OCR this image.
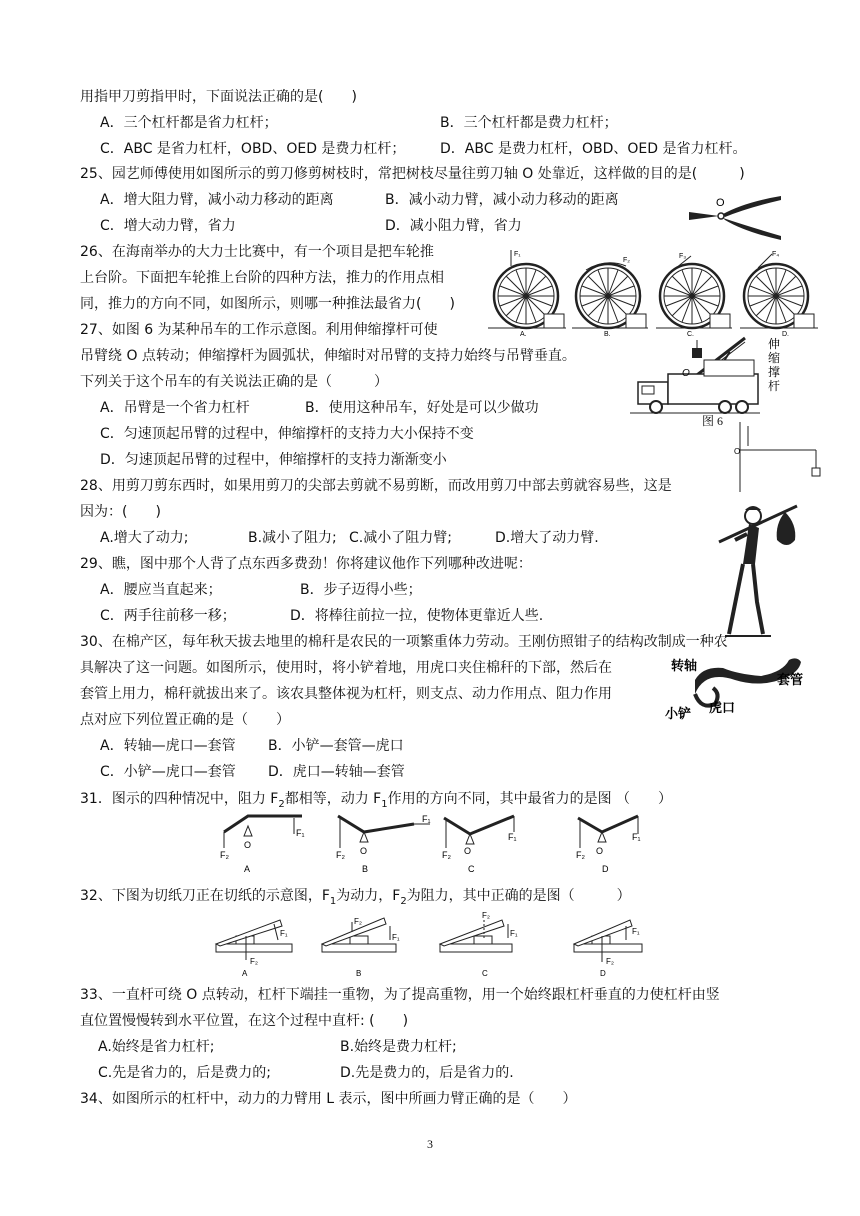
用指甲刀剪指甲时，下面说法正确的是(　　)
A．三个杠杆都是省力杠杆；	B．三个杠杆都是费力杠杆；
C．ABC 是省力杠杆，OBD、OED 是费力杠杆； D．ABC 是费力杠杆，OBD、OED 是省力杠杆。
25、园艺师傅使用如图所示的剪刀修剪树枝时，常把树枝尽量往剪刀轴 O 处靠近，这样做的目的是(　　　)
A．增大阻力臂，减小动力移动的距离	B．减小动力臂，减小动力移动的距离
C．增大动力臂，省力	D．减小阻力臂，省力
O
26、在海南举办的大力士比赛中，有一个项目是把车轮推
上台阶。下面把车轮推上台阶的四种方法，推力的作用点相
同，推力的方向不同，如图所示，则哪一种推法最省力(　　)
F₁
A.
F₂
B.
F₃
C.
F₄
D.
27、如图 6 为某种吊车的工作示意图。利用伸缩撑杆可使
吊臂绕 O 点转动；伸缩撑杆为圆弧状，伸缩时对吊臂的支持力始终与吊臂垂直。
下列关于这个吊车的有关说法正确的是（　　　）
A．吊臂是一个省力杠杆	B．使用这种吊车，好处是可以少做功
C．匀速顶起吊臂的过程中，伸缩撑杆的支持力大小保持不变
D．匀速顶起吊臂的过程中，伸缩撑杆的支持力渐渐变小
O
伸
缩
撑
杆
图 6
O
28、用剪刀剪东西时，如果用剪刀的尖部去剪就不易剪断，而改用剪刀中部去剪就容易些，这是
因为：(　　)
A.增大了动力;	B.减小了阻力; C.减小了阻力臂;	D.增大了动力臂.
29、瞧，图中那个人背了点东西多费劲！你将建议他作下列哪种改进呢：
A．腰应当直起来；	B．步子迈得小些；
C．两手往前移一移；	D．将棒往前拉一拉，使物体更靠近人些.
30、在棉产区，每年秋天拔去地里的棉秆是农民的一项繁重体力劳动。王刚仿照钳子的结构改制成一种农
具解决了这一问题。如图所示，使用时，将小铲着地，用虎口夹住棉秆的下部，然后在
套管上用力，棉秆就拔出来了。该农具整体视为杠杆，则支点、动力作用点、阻力作用
点对应下列位置正确的是（　　）
A．转轴—虎口—套管 B．小铲—套管—虎口
C．小铲—虎口—套管 D．虎口—转轴—套管
转轴
套管
小铲 虎口
31．图示的四种情况中，阻力 $F_2$都相等，动力 $F_1$作用的方向不同，其中最省力的是图 （　　）
F₁
F₂
O
A
F₁
F₂ O
B
F₁
F₂ O
C
F₁
F₂ O
D
32、下图为切纸刀正在切纸的示意图，$F_1$为动力，$F_2$为阻力，其中正确的是图（　　　）
F₁
F₂
A
F₂
F₁
B
F₂
F₁
C
F₁
F₂
D
33、一直杆可绕 O 点转动，杠杆下端挂一重物，为了提高重物，用一个始终跟杠杆垂直的力使杠杆由竖
直位置慢慢转到水平位置，在这个过程中直杆: (　　)
A.始终是省力杠杆;	B.始终是费力杠杆;
C.先是省力的，后是费力的;	D.先是费力的，后是省力的.
34、如图所示的杠杆中，动力的力臂用 L 表示，图中所画力臂正确的是（　　）
3
